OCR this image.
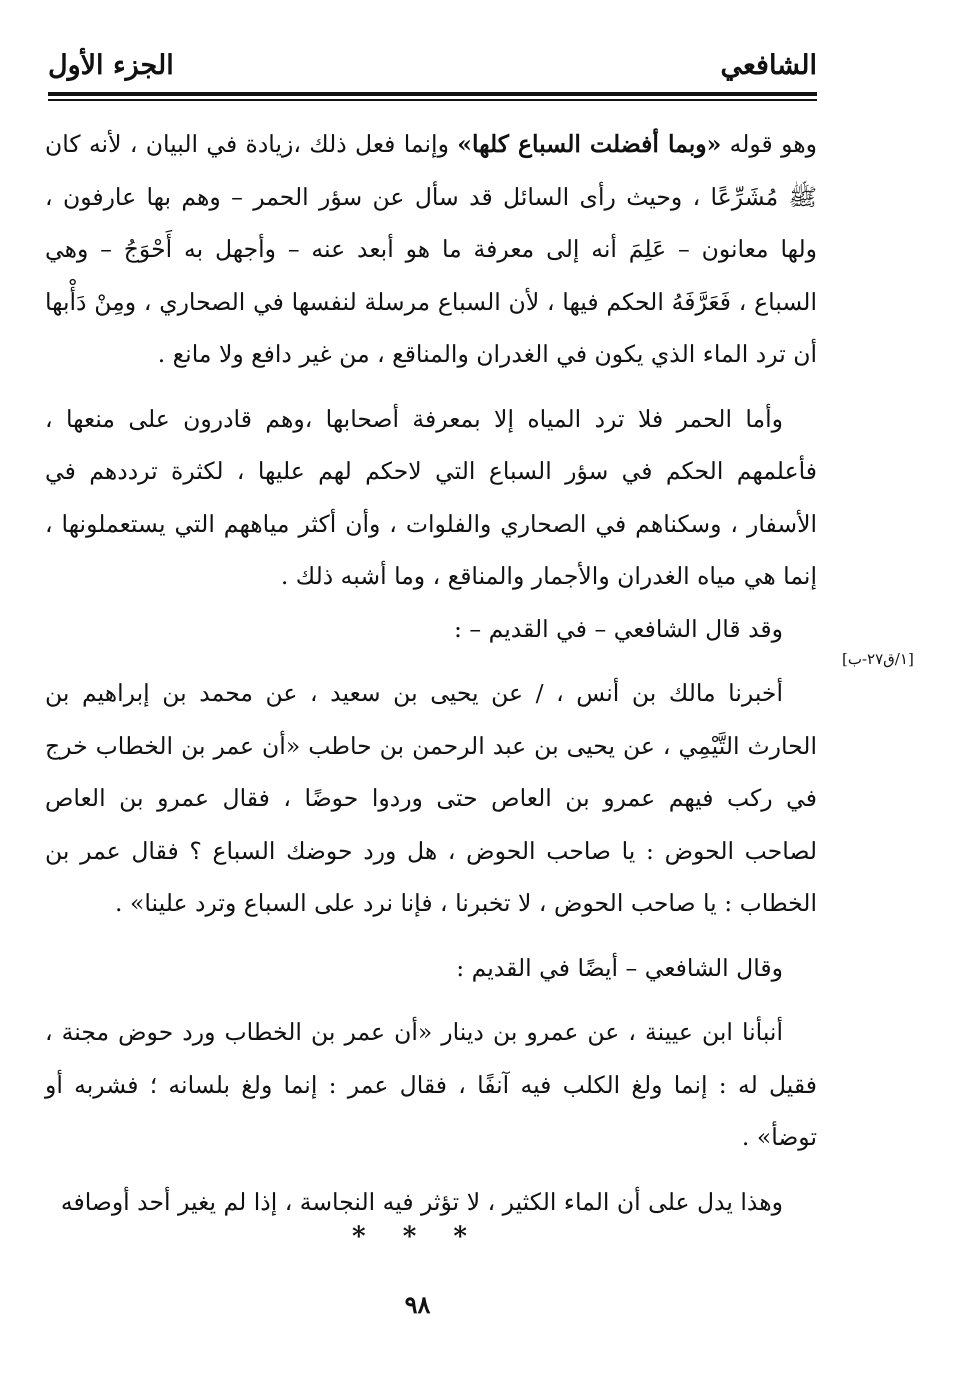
الشافعي
الجزء الأول

وهو قوله «وبما أفضلت السباع كلها» وإنما فعل ذلك ،زيادة في البيان ، لأنه كان ﷺ مُشَرِّعًا ، وحيث رأى السائل قد سأل عن سؤر الحمر – وهم بها عارفون ، ولها معانون – عَلِمَ أنه إلى معرفة ما هو أبعد عنه – وأجهل به أَحْوَجُ – وهي السباع ، فَعَرَّفَهُ الحكم فيها ، لأن السباع مرسلة لنفسها في الصحاري ، ومِنْ دَأْبها أن ترد الماء الذي يكون في الغدران والمناقع ، من غير دافع ولا مانع .

وأما الحمر فلا ترد المياه إلا بمعرفة أصحابها ،وهم قادرون على منعها ، فأعلمهم الحكم في سؤر السباع التي لاحكم لهم عليها ، لكثرة ترددهم في الأسفار ، وسكناهم في الصحاري والفلوات ، وأن أكثر مياههم التي يستعملونها ، إنما هي مياه الغدران والأجمار والمناقع ، وما أشبه ذلك .

وقد قال الشافعي – في القديم – :

أخبرنا مالك بن أنس ، / عن يحيى بن سعيد ، عن محمد بن إبراهيم بن الحارث التَّيْمِي ، عن يحيى بن عبد الرحمن بن حاطب «أن عمر بن الخطاب خرج في ركب فيهم عمرو بن العاص حتى وردوا حوضًا ، فقال عمرو بن العاص لصاحب الحوض : يا صاحب الحوض ، هل ورد حوضك السباع ؟ فقال عمر بن الخطاب : يا صاحب الحوض ، لا تخبرنا ، فإنا نرد على السباع وترد علينا» .

وقال الشافعي – أيضًا في القديم :

أنبأنا ابن عيينة ، عن عمرو بن دينار «أن عمر بن الخطاب ورد حوض مجنة ، فقيل له : إنما ولغ الكلب فيه آنفًا ، فقال عمر : إنما ولغ بلسانه ؛ فشربه أو توضأ» .

وهذا يدل على أن الماء الكثير ، لا تؤثر فيه النجاسة ، إذا لم يغير أحد أوصافه

[١/ق٢٧-ب]
* * *
٩٨
